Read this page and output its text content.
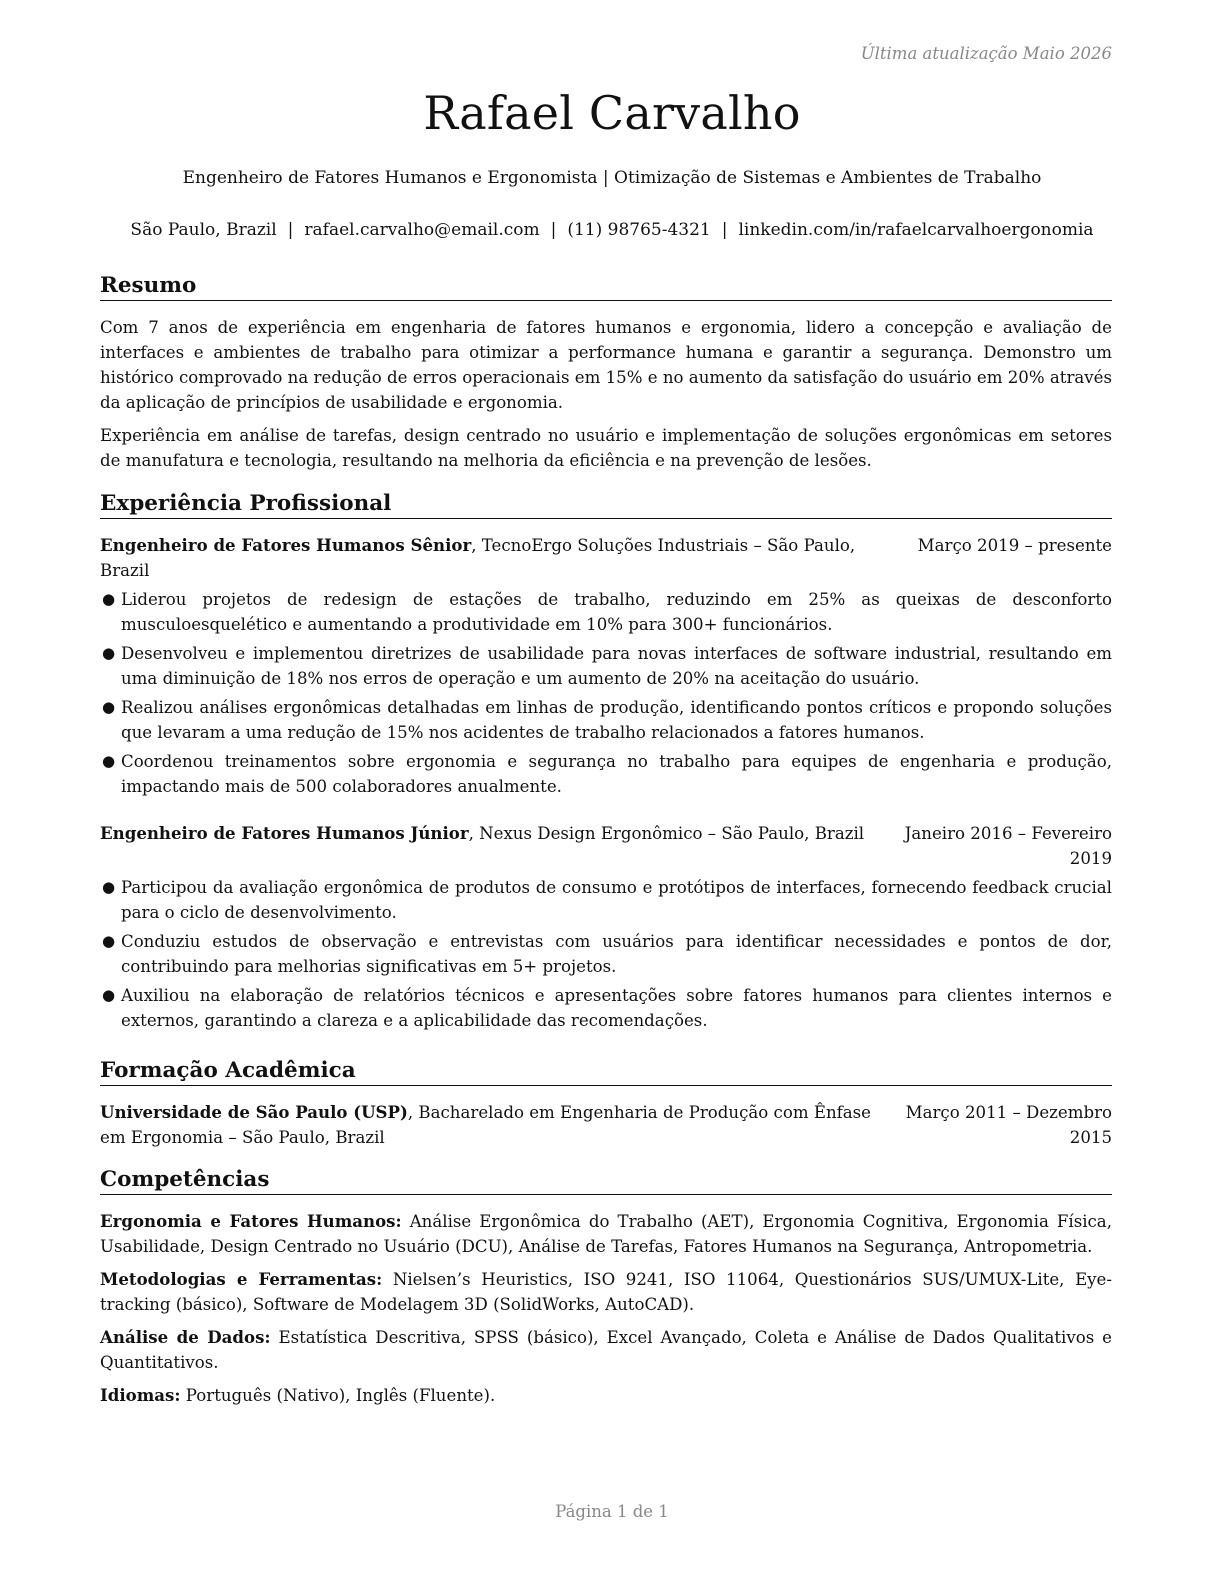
Última atualização Maio 2026
Rafael Carvalho
Engenheiro de Fatores Humanos e Ergonomista | Otimização de Sistemas e Ambientes de Trabalho
São Paulo, Brazil | rafael.carvalho@email.com | (11) 98765-4321 | linkedin.com/in/rafaelcarvalhoergonomia
Resumo

Com 7 anos de experiência em engenharia de fatores humanos e ergonomia, lidero a concepção e avaliação de interfaces e ambientes de trabalho para otimizar a performance humana e garantir a segurança. Demonstro um histórico comprovado na redução de erros operacionais em 15% e no aumento da satisfação do usuário em 20% através da aplicação de princípios de usabilidade e ergonomia.

Experiência em análise de tarefas, design centrado no usuário e implementação de soluções ergonômicas em setores de manufatura e tecnologia, resultando na melhoria da eficiência e na prevenção de lesões.

Experiência Profissional
Engenheiro de Fatores Humanos Sênior, TecnoErgo Soluções Industriais – São Paulo, Brazil
Março 2019 – presente
● Liderou projetos de redesign de estações de trabalho, reduzindo em 25% as queixas de desconforto musculoesquelético e aumentando a produtividade em 10% para 300+ funcionários.
● Desenvolveu e implementou diretrizes de usabilidade para novas interfaces de software industrial, resultando em uma diminuição de 18% nos erros de operação e um aumento de 20% na aceitação do usuário.
● Realizou análises ergonômicas detalhadas em linhas de produção, identificando pontos críticos e propondo soluções que levaram a uma redução de 15% nos acidentes de trabalho relacionados a fatores humanos.
● Coordenou treinamentos sobre ergonomia e segurança no trabalho para equipes de engenharia e produção, impactando mais de 500 colaboradores anualmente.
Engenheiro de Fatores Humanos Júnior, Nexus Design Ergonômico – São Paulo, Brazil	Janeiro 2016 – Fevereiro 2019
● Participou da avaliação ergonômica de produtos de consumo e protótipos de interfaces, fornecendo feedback crucial para o ciclo de desenvolvimento.
● Conduziu estudos de observação e entrevistas com usuários para identificar necessidades e pontos de dor, contribuindo para melhorias significativas em 5+ projetos.
● Auxiliou na elaboração de relatórios técnicos e apresentações sobre fatores humanos para clientes internos e externos, garantindo a clareza e a aplicabilidade das recomendações.
Formação Acadêmica
Universidade de São Paulo (USP), Bacharelado em Engenharia de Produção com Ênfase em Ergonomia – São Paulo, Brazil
Março 2011 – Dezembro 2015
Competências

Ergonomia e Fatores Humanos: Análise Ergonômica do Trabalho (AET), Ergonomia Cognitiva, Ergonomia Física, Usabilidade, Design Centrado no Usuário (DCU), Análise de Tarefas, Fatores Humanos na Segurança, Antropometria.

Metodologias e Ferramentas: Nielsen’s Heuristics, ISO 9241, ISO 11064, Questionários SUS/UMUX-Lite, Eye-tracking (básico), Software de Modelagem 3D (SolidWorks, AutoCAD).

Análise de Dados: Estatística Descritiva, SPSS (básico), Excel Avançado, Coleta e Análise de Dados Qualitativos e Quantitativos.

Idiomas: Português (Nativo), Inglês (Fluente).

Página 1 de 1
